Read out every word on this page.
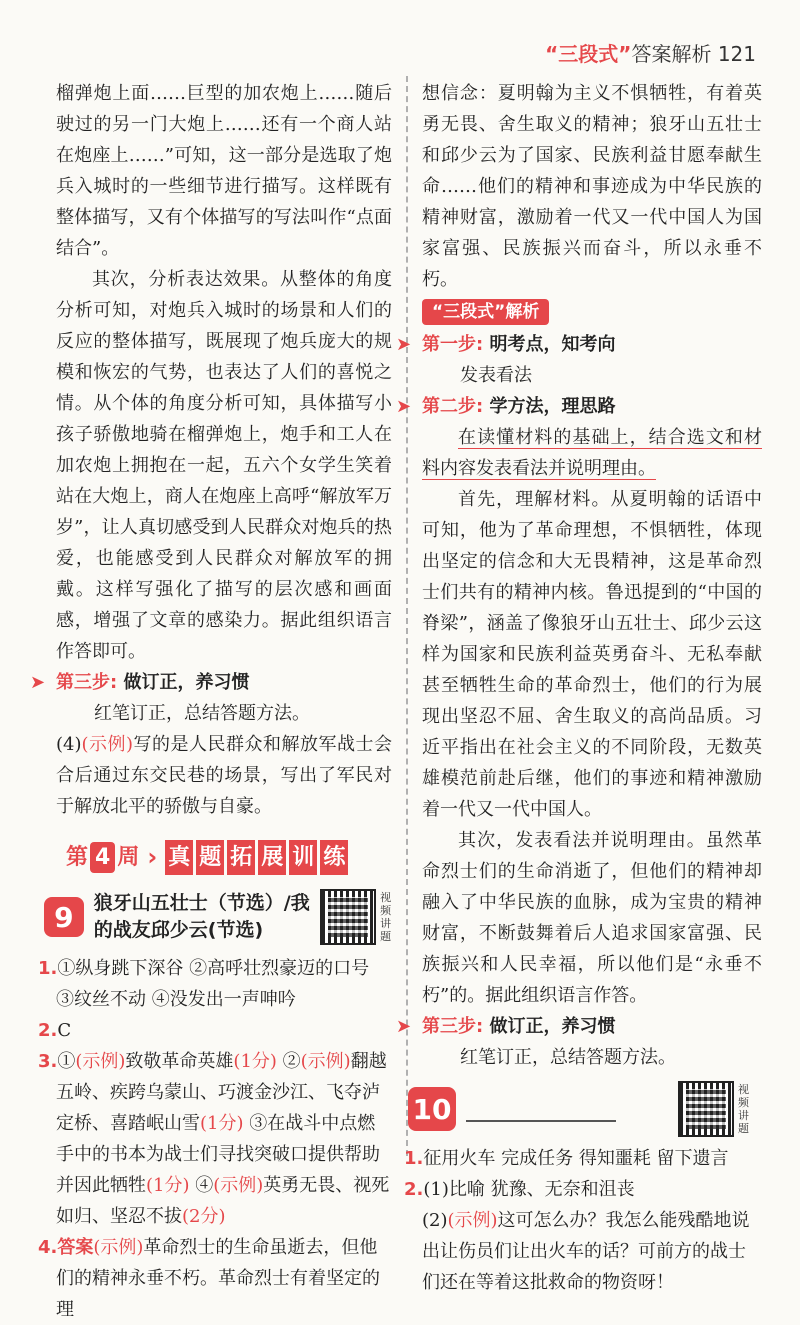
“三段式”答案解析 121

榴弹炮上面……巨型的加农炮上……随后驶过的另一门大炮上……还有一个商人站在炮座上……”可知，这一部分是选取了炮兵入城时的一些细节进行描写。这样既有整体描写，又有个体描写的写法叫作“点面结合”。

其次，分析表达效果。从整体的角度分析可知，对炮兵入城时的场景和人们的反应的整体描写，既展现了炮兵庞大的规模和恢宏的气势，也表达了人们的喜悦之情。从个体的角度分析可知，具体描写小孩子骄傲地骑在榴弹炮上，炮手和工人在加农炮上拥抱在一起，五六个女学生笑着站在大炮上，商人在炮座上高呼“解放军万岁”，让人真切感受到人民群众对炮兵的热爱，也能感受到人民群众对解放军的拥戴。这样写强化了描写的层次感和画面感，增强了文章的感染力。据此组织语言作答即可。

➤ 第三步: 做订正，养习惯

红笔订正，总结答题方法。

(4)(示例)写的是人民群众和解放军战士会合后通过东交民巷的场景，写出了军民对于解放北平的骄傲与自豪。

第 4 周 › 真 题 拓 展 训 练
9	狼牙山五壮士（节选）/我的战友邱少云(节选)
视频讲题

1.①纵身跳下深谷 ②高呼壮烈豪迈的口号 ③纹丝不动 ④没发出一声呻吟

2.C

3.①(示例)致敬革命英雄(1分) ②(示例)翻越五岭、疾跨乌蒙山、巧渡金沙江、飞夺泸定桥、喜踏岷山雪(1分) ③在战斗中点燃手中的书本为战士们寻找突破口提供帮助并因此牺牲(1分) ④(示例)英勇无畏、视死如归、坚忍不拔(2分)

4.答案(示例)革命烈士的生命虽逝去，但他们的精神永垂不朽。革命烈士有着坚定的理

想信念：夏明翰为主义不惧牺牲，有着英勇无畏、舍生取义的精神；狼牙山五壮士和邱少云为了国家、民族利益甘愿奉献生命……他们的精神和事迹成为中华民族的精神财富，激励着一代又一代中国人为国家富强、民族振兴而奋斗，所以永垂不朽。

“三段式”解析

➤ 第一步: 明考点，知考向

发表看法

➤ 第二步: 学方法，理思路

在读懂材料的基础上，结合选文和材料内容发表看法并说明理由。

首先，理解材料。从夏明翰的话语中可知，他为了革命理想，不惧牺牲，体现出坚定的信念和大无畏精神，这是革命烈士们共有的精神内核。鲁迅提到的“中国的脊梁”，涵盖了像狼牙山五壮士、邱少云这样为国家和民族利益英勇奋斗、无私奉献甚至牺牲生命的革命烈士，他们的行为展现出坚忍不屈、舍生取义的高尚品质。习近平指出在社会主义的不同阶段，无数英雄模范前赴后继，他们的事迹和精神激励着一代又一代中国人。

其次，发表看法并说明理由。虽然革命烈士们的生命消逝了，但他们的精神却融入了中华民族的血脉，成为宝贵的精神财富，不断鼓舞着后人追求国家富强、民族振兴和人民幸福，所以他们是“永垂不朽”的。据此组织语言作答。

➤ 第三步: 做订正，养习惯

红笔订正，总结答题方法。

10
视频讲题

1.征用火车 完成任务 得知噩耗 留下遗言

2.(1)比喻 犹豫、无奈和沮丧

(2)(示例)这可怎么办？我怎么能残酷地说出让伤员们让出火车的话？可前方的战士们还在等着这批救命的物资呀！
